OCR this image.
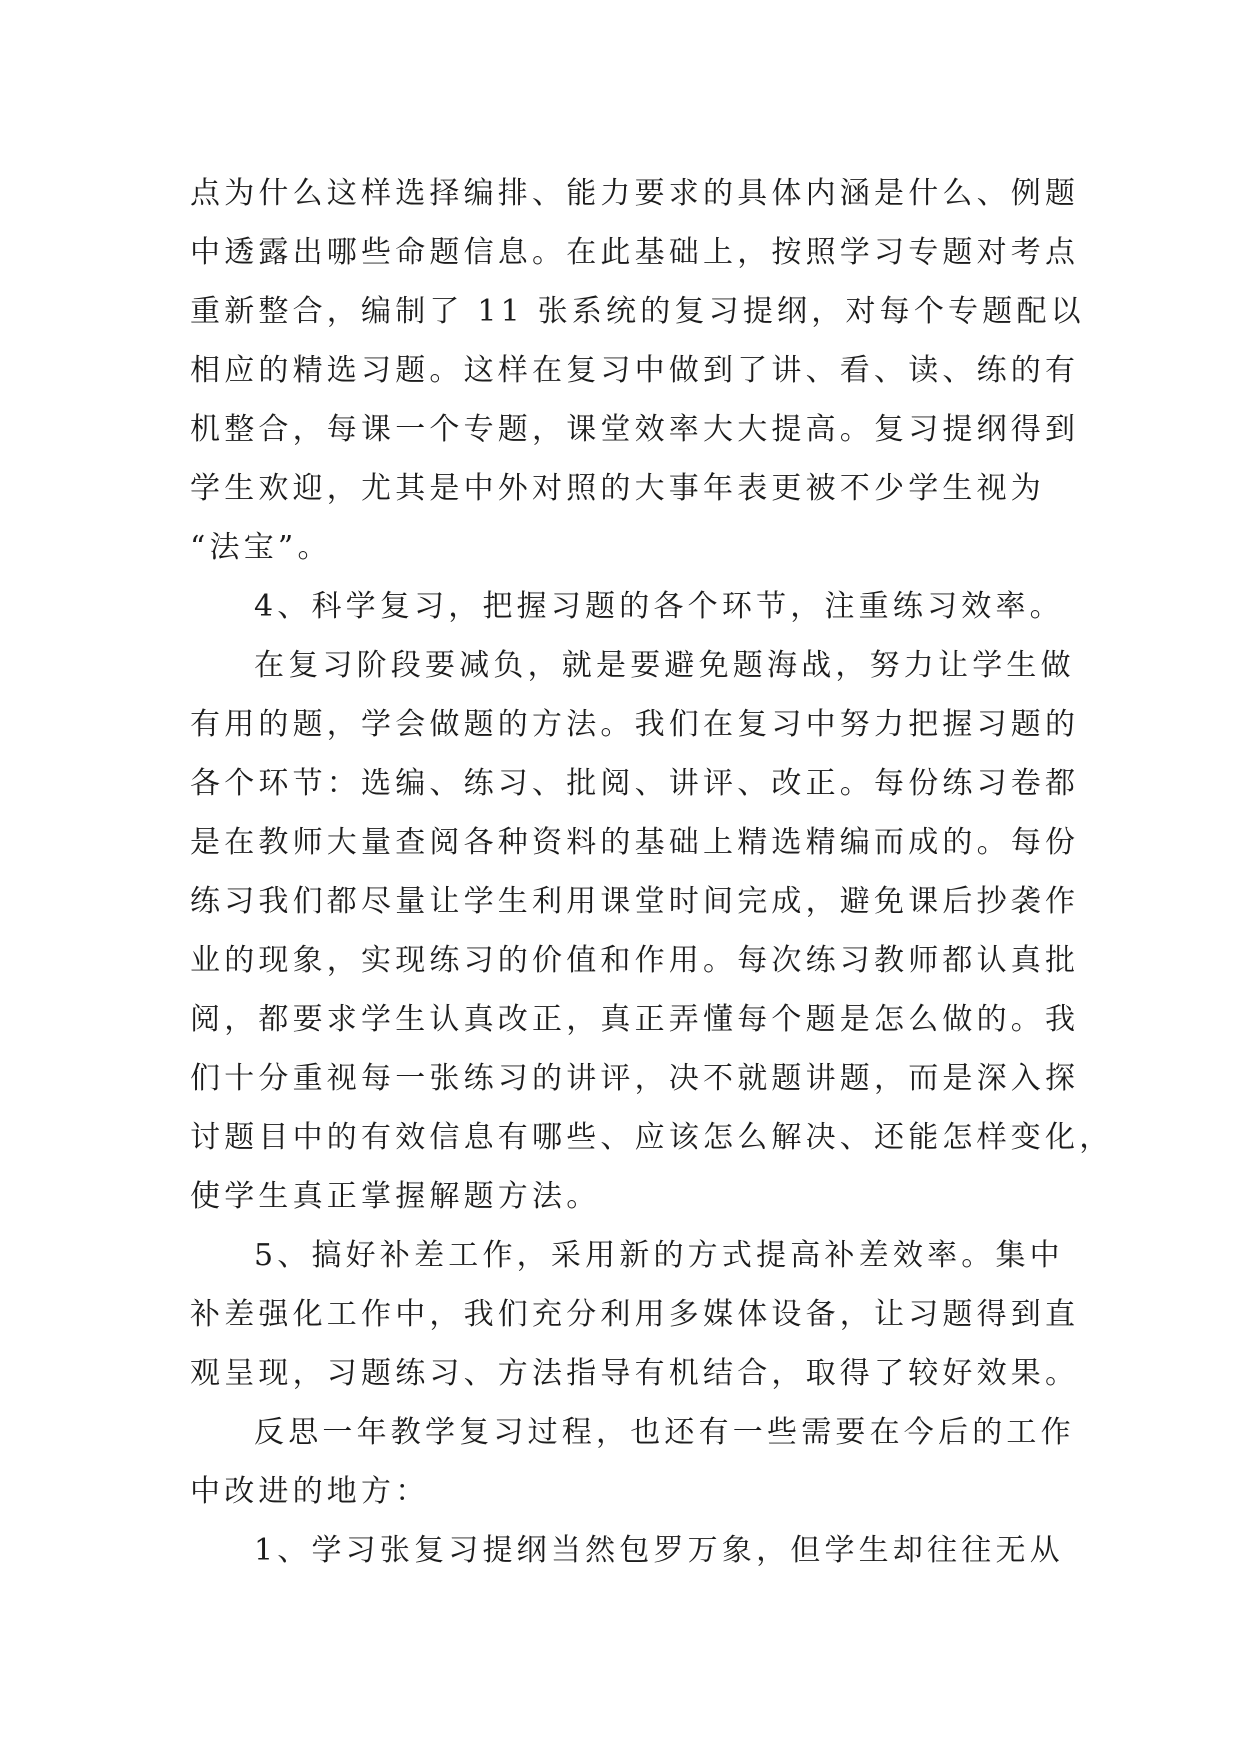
点为什么这样选择编排、能力要求的具体内涵是什么、例题
中透露出哪些命题信息。在此基础上，按照学习专题对考点
重新整合，编制了 11 张系统的复习提纲，对每个专题配以
相应的精选习题。这样在复习中做到了讲、看、读、练的有
机整合，每课一个专题，课堂效率大大提高。复习提纲得到
学生欢迎，尤其是中外对照的大事年表更被不少学生视为
“法宝”。
4、科学复习，把握习题的各个环节，注重练习效率。
在复习阶段要减负，就是要避免题海战，努力让学生做
有用的题，学会做题的方法。我们在复习中努力把握习题的
各个环节：选编、练习、批阅、讲评、改正。每份练习卷都
是在教师大量查阅各种资料的基础上精选精编而成的。每份
练习我们都尽量让学生利用课堂时间完成，避免课后抄袭作
业的现象，实现练习的价值和作用。每次练习教师都认真批
阅，都要求学生认真改正，真正弄懂每个题是怎么做的。我
们十分重视每一张练习的讲评，决不就题讲题，而是深入探
讨题目中的有效信息有哪些、应该怎么解决、还能怎样变化，
使学生真正掌握解题方法。
5、搞好补差工作，采用新的方式提高补差效率。集中
补差强化工作中，我们充分利用多媒体设备，让习题得到直
观呈现，习题练习、方法指导有机结合，取得了较好效果。
反思一年教学复习过程，也还有一些需要在今后的工作
中改进的地方：
1、学习张复习提纲当然包罗万象，但学生却往往无从
